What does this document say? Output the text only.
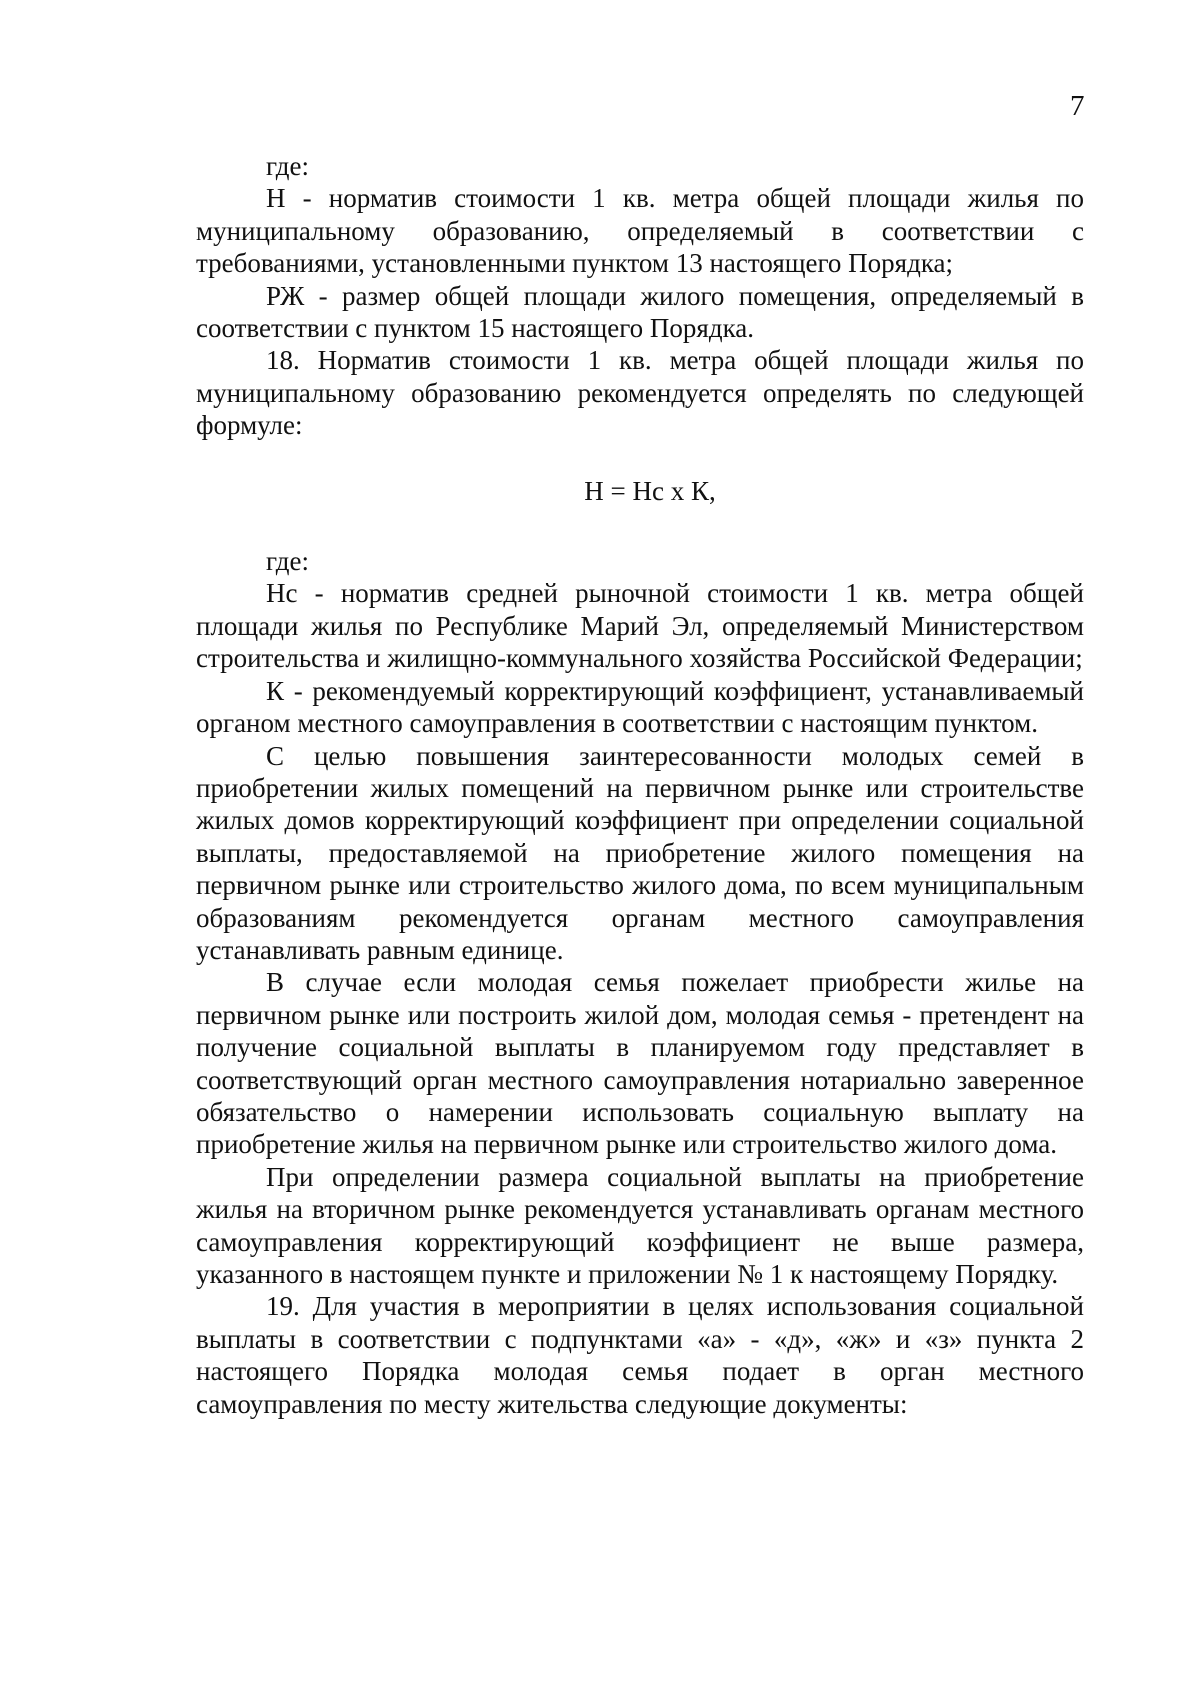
7

где:

Н - норматив стоимости 1 кв. метра общей площади жилья по муниципальному образованию, определяемый в соответствии с требованиями, установленными пунктом 13 настоящего Порядка;

РЖ - размер общей площади жилого помещения, определяемый в соответствии с пунктом 15 настоящего Порядка.

18. Норматив стоимости 1 кв. метра общей площади жилья по муниципальному образованию рекомендуется определять по следующей формуле:

Н = Нс х К,

где:

Нс - норматив средней рыночной стоимости 1 кв. метра общей площади жилья по Республике Марий Эл, определяемый Министерством строительства и жилищно-коммунального хозяйства Российской Федерации;

К - рекомендуемый корректирующий коэффициент, устанавливаемый органом местного самоуправления в соответствии с настоящим пунктом.

С целью повышения заинтересованности молодых семей в приобретении жилых помещений на первичном рынке или строительстве жилых домов корректирующий коэффициент при определении социальной выплаты, предоставляемой на приобретение жилого помещения на первичном рынке или строительство жилого дома, по всем муниципальным образованиям рекомендуется органам местного самоуправления устанавливать равным единице.

В случае если молодая семья пожелает приобрести жилье на первичном рынке или построить жилой дом, молодая семья - претендент на получение социальной выплаты в планируемом году представляет в соответствующий орган местного самоуправления нотариально заверенное обязательство о намерении использовать социальную выплату на приобретение жилья на первичном рынке или строительство жилого дома.

При определении размера социальной выплаты на приобретение жилья на вторичном рынке рекомендуется устанавливать органам местного самоуправления корректирующий коэффициент не выше размера, указанного в настоящем пункте и приложении № 1 к настоящему Порядку.

19. Для участия в мероприятии в целях использования социальной выплаты в соответствии с подпунктами «а» - «д», «ж» и «з» пункта 2 настоящего Порядка молодая семья подает в орган местного самоуправления по месту жительства следующие документы:
